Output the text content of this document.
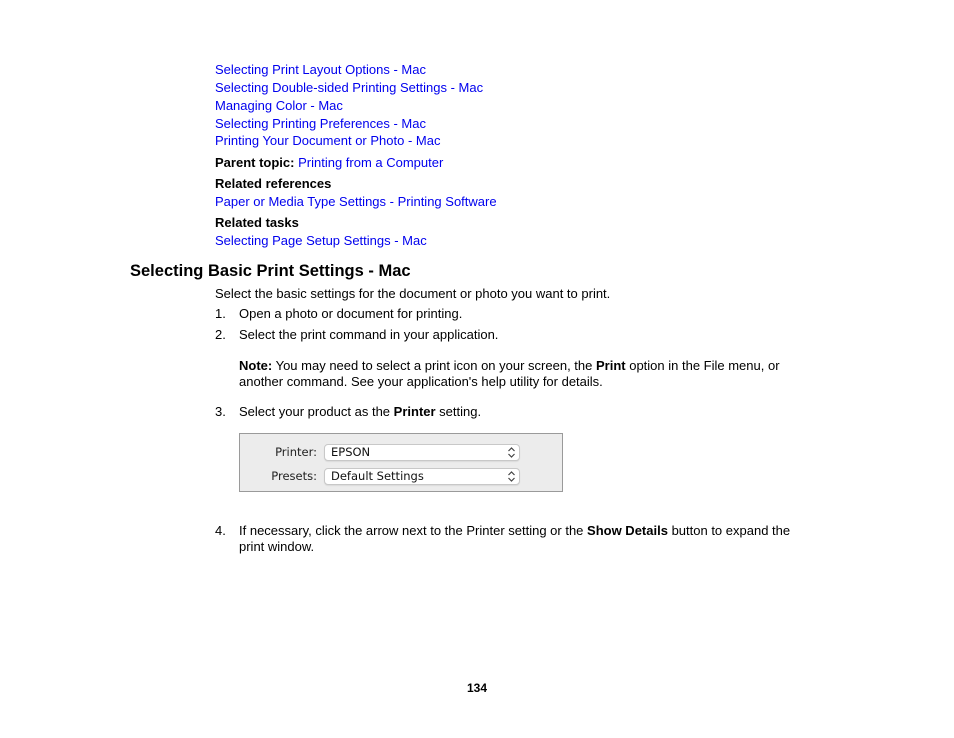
Selecting Print Layout Options - Mac
Selecting Double-sided Printing Settings - Mac
Managing Color - Mac
Selecting Printing Preferences - Mac
Printing Your Document or Photo - Mac
Parent topic: Printing from a Computer
Related references
Paper or Media Type Settings - Printing Software
Related tasks
Selecting Page Setup Settings - Mac
Selecting Basic Print Settings - Mac
Select the basic settings for the document or photo you want to print.
1. Open a photo or document for printing.
2. Select the print command in your application.
Note: You may need to select a print icon on your screen, the Print option in the File menu, or another command. See your application's help utility for details.
3. Select your product as the Printer setting.
Printer: EPSON
Presets: Default Settings
4. If necessary, click the arrow next to the Printer setting or the Show Details button to expand the print window.
134
